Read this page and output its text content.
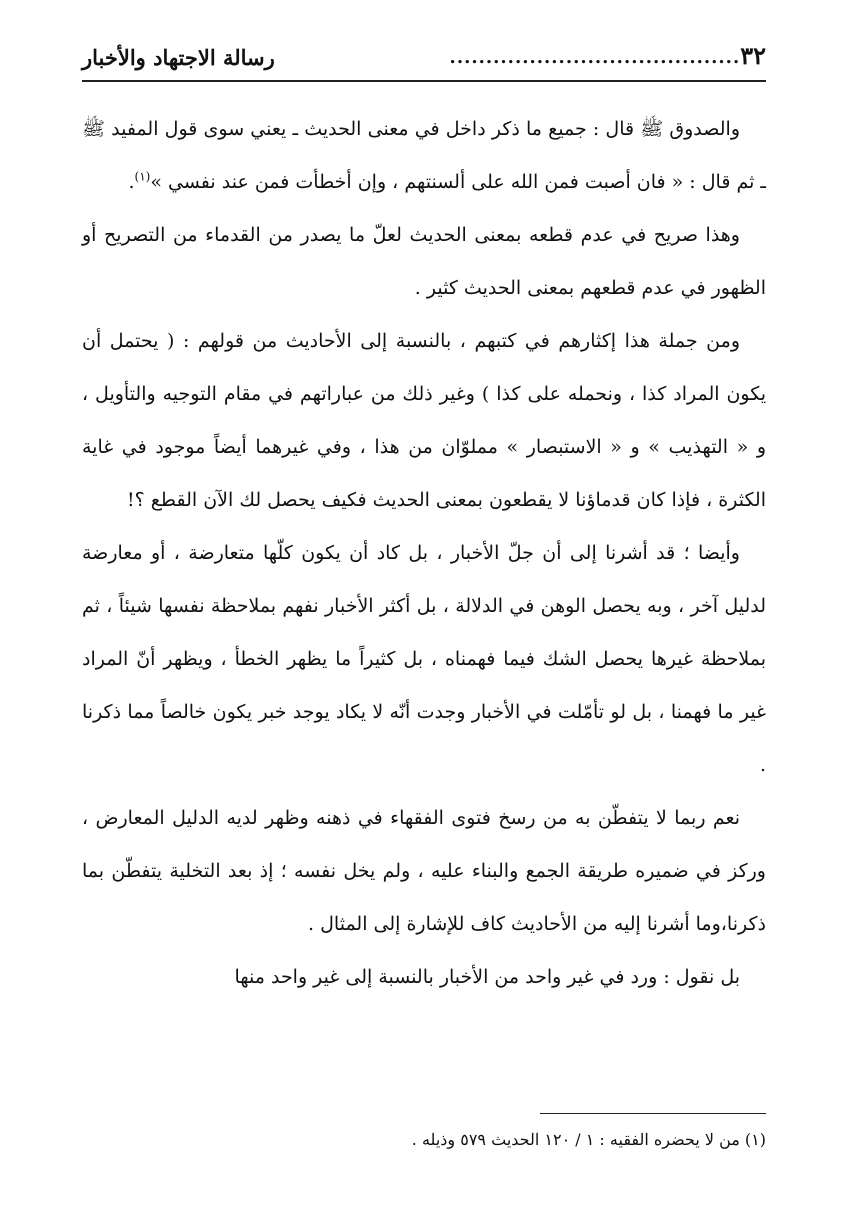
٣٢
........................................
رسالة الاجتهاد والأخبار

والصدوق ﷺ قال : جميع ما ذكر داخل في معنى الحديث ـ يعني سوى قول المفيد ﷺ ـ ثم قال : « فان أصبت فمن الله على ألسنتهم ، وإن أخطأت فمن عند نفسي »$^{(١)}$.

وهذا صريح في عدم قطعه بمعنى الحديث لعلّ ما يصدر من القدماء من التصريح أو الظهور في عدم قطعهم بمعنى الحديث كثير .

ومن جملة هذا إكثارهم في كتبهم ، بالنسبة إلى الأحاديث من قولهم : ( يحتمل أن يكون المراد كذا ، ونحمله على كذا ) وغير ذلك من عباراتهم في مقام التوجيه والتأويل ، و « التهذيب » و « الاستبصار » مملوّان من هذا ، وفي غيرهما أيضاً موجود في غاية الكثرة ، فإذا كان قدماؤنا لا يقطعون بمعنى الحديث فكيف يحصل لك الآن القطع ؟!

وأيضا ؛ قد أشرنا إلى أن جلّ الأخبار ، بل كاد أن يكون كلّها متعارضة ، أو معارضة لدليل آخر ، وبه يحصل الوهن في الدلالة ، بل أكثر الأخبار نفهم بملاحظة نفسها شيئاً ، ثم بملاحظة غيرها يحصل الشك فيما فهمناه ، بل كثيراً ما يظهر الخطأ ، ويظهر أنّ المراد غير ما فهمنا ، بل لو تأمّلت في الأخبار وجدت أنّه لا يكاد يوجد خبر يكون خالصاً مما ذكرنا .

نعم ربما لا يتفطّن به من رسخ فتوى الفقهاء في ذهنه وظهر لديه الدليل المعارض ، وركز في ضميره طريقة الجمع والبناء عليه ، ولم يخل نفسه ؛ إذ بعد التخلية يتفطّن بما ذكرنا،وما أشرنا إليه من الأحاديث كاف للإشارة إلى المثال .

بل نقول : ورد في غير واحد من الأخبار بالنسبة إلى غير واحد منها

(١) من لا يحضره الفقيه : ١ / ١٢٠ الحديث ٥٧٩ وذيله .
